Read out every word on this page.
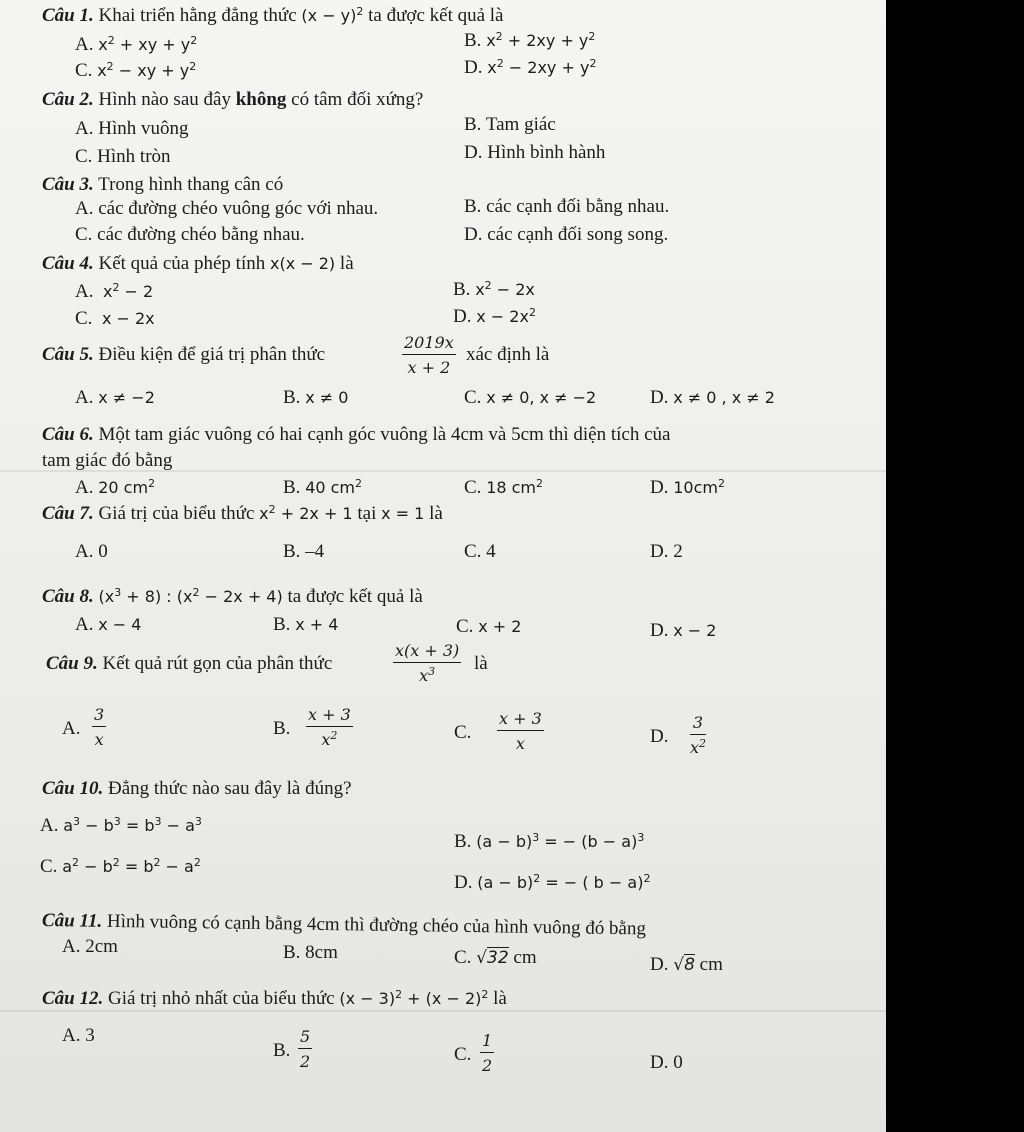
Câu 1. Khai triển hằng đẳng thức $(x - y)^2$ ta được kết quả là
A. $x^2$ + xy + $y^2$	B. $x^2 + 2xy + y^2$
C. $x^2$ − xy + $y^2$	D. $x^2 - 2xy + y^2$
Câu 2. Hình nào sau đây không có tâm đối xứng?
A. Hình vuông	B. Tam giác
C. Hình tròn	D. Hình bình hành
Câu 3. Trong hình thang cân có
A. các đường chéo vuông góc với nhau.	B. các cạnh đối bằng nhau.
C. các đường chéo bằng nhau.	D. các cạnh đối song song.
Câu 4. Kết quả của phép tính x(x − 2) là
A. $x^2 - 2$	B. $x^2 - 2x$
C. x − 2x	D. $x - 2x^2$
Câu 5. Điều kiện để giá trị phân thức	$\frac{2019x}{x + 2}$ xác định là
A. x ≠ −2	B. x ≠ 0	C. x ≠ 0, x ≠ −2	D. x ≠ 0 , x ≠ 2
Câu 6. Một tam giác vuông có hai cạnh góc vuông là 4cm và 5cm thì diện tích của
tam giác đó bằng
A. 20 $cm^2$	B. 40 $cm^2$	C. 18 $cm^2$	D. $10cm^2$
Câu 7. Giá trị của biểu thức $x^2 + 2x + 1$ tại x = 1 là
A. 0	B. –4	C. 4	D. 2
Câu 8. $(x^3 + 8)$ : $(x^2 - 2x + 4)$ ta được kết quả là
A. x − 4	B. x + 4	C. x + 2	D. x − 2
Câu 9. Kết quả rút gọn của phân thức	$\frac{x(x + 3)}{x^3}$ là
A. $\frac{3}{x}$	B. $\frac{x + 3}{x^2}$	C. $\frac{x + 3}{x}$	D. $\frac{3}{x^2}$
Câu 10. Đẳng thức nào sau đây là đúng?
A. $a^3 - b^3 = b^3 - a^3$
B. $(a - b)^3$ = − $(b - a)^3$
C. $a^2 - b^2 = b^2 - a^2$
D. $(a - b)^2$ = − ( b − a)$^2$
Câu 11. Hình vuông có cạnh bằng 4cm thì đường chéo của hình vuông đó bằng
A. 2cm	B. 8cm	C. √32 cm	D. √8 cm
Câu 12. Giá trị nhỏ nhất của biểu thức $(x - 3)^2 + (x - 2)^2$ là
A. 3
B. $\frac{5}{2}$	C. $\frac{1}{2}$	D. 0
